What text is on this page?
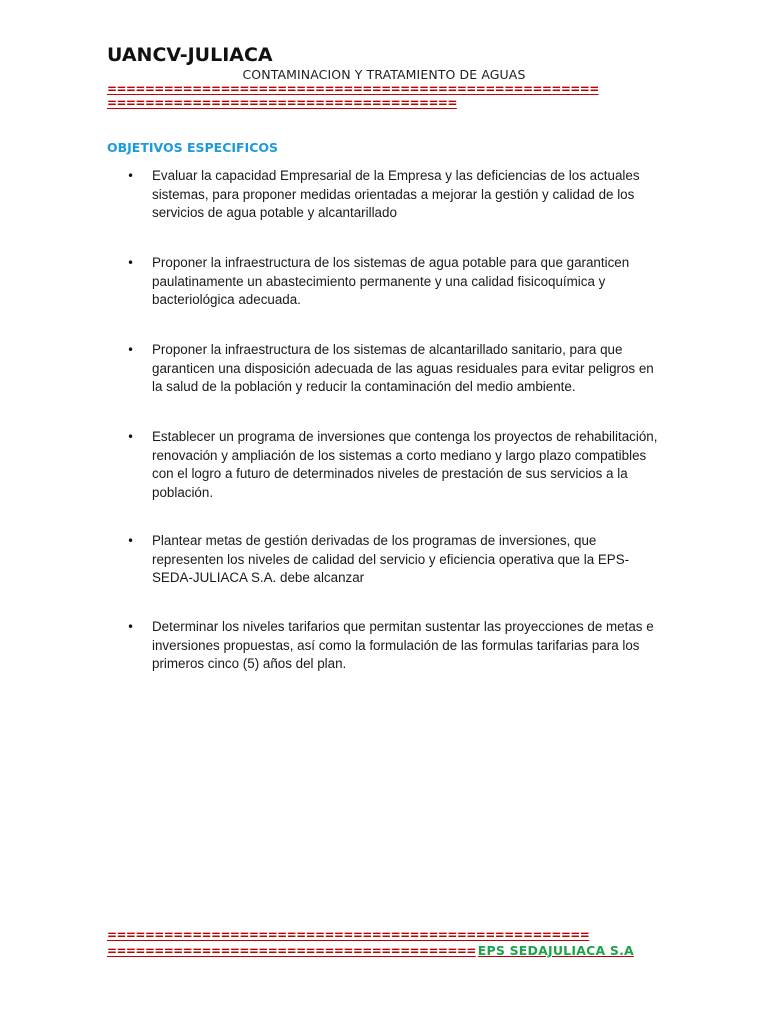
UANCV-JULIACA
CONTAMINACION Y TRATAMIENTO DE AGUAS
====================================================
=====================================
OBJETIVOS ESPECIFICOS
• Evaluar la capacidad Empresarial de la Empresa y las deficiencias de los actuales sistemas, para proponer medidas orientadas a mejorar la gestión y calidad de los servicios de agua potable y alcantarillado
• Proponer la infraestructura de los sistemas de agua potable para que garanticen paulatinamente un abastecimiento permanente y una calidad fisicoquímica y bacteriológica adecuada.
• Proponer la infraestructura de los sistemas de alcantarillado sanitario, para que garanticen una disposición adecuada de las aguas residuales para evitar peligros en la salud de la población y reducir la contaminación del medio ambiente.
• Establecer un programa de inversiones que contenga los proyectos de rehabilitación, renovación y ampliación de los sistemas a corto mediano y largo plazo compatibles con el logro a futuro de determinados niveles de prestación de sus servicios a la población.
• Plantear metas de gestión derivadas de los programas de inversiones, que representen los niveles de calidad del servicio y eficiencia operativa que la EPS-SEDA-JULIACA S.A. debe alcanzar
• Determinar los niveles tarifarios que permitan sustentar las proyecciones de metas e inversiones propuestas, así como la formulación de las formulas tarifarias para los primeros cinco (5) años del plan.
===================================================
======================================= EPS SEDAJULIACA S.A
